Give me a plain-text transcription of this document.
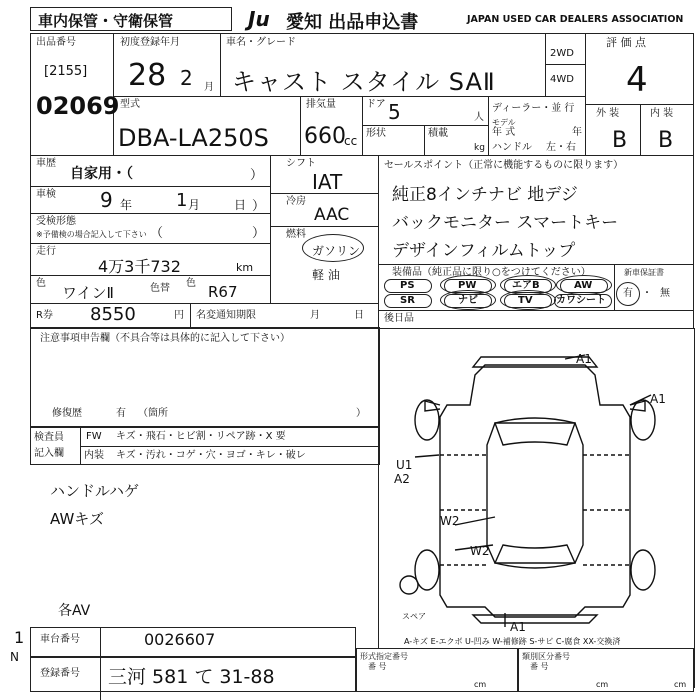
車内保管・守衛保管	Ju 愛知 出品申込書	JAPAN USED CAR DEALERS ASSOCIATION
出品番号
[2155]
02069
初度登録年月
28 2 月
車名・グレード
キャスト スタイル SAⅡ
2WD
4WD
評 価 点
4
外 装	内 装
B B
型式
DBA-LA250S
排気量
660
cc
ドア 5	人
形状	積載
kg
ディーラー・並 行
モデル
年 式	年
ハンドル 左・右
車歴
自家用・（	）
車検 9 年 1 月	日 ）
受検形態
※予備検の場合記入して下さい （	）
走行
4万3千732	km
色
ワインⅡ	色替 色 R67
シフト
IAT
冷房
AAC
燃料
ガソリン
軽 油
セールスポイント（正常に機能するものに限ります）
純正8インチナビ 地デジ
バックモニター スマートキー
デザインフィルムトップ
装備品（純正品に限り○をつけてください）
PS	PW	エアB	AW
SR	ナビ	TV カワシート
新車保証書
有 ・ 無
R券 8550	円 名変通知期限	月	日 後日品
注意事項申告欄（不具合等は具体的に記入して下さい）
修復歴	有 （箇所	）
検査員
記入欄
FW キズ・飛石・ヒビ割・リペア跡・X 要
内装 キズ・汚れ・コゲ・穴・ヨゴ・キレ・破レ
ハンドルハゲ
AWキズ
各AV
A1
A1
U1
A2
W2
W2
A1
スペア
A-キズ E-エクボ U-凹み W-補修跡 S-サビ C-腐食 XX-交換済
車台番号	0026607
N
1
登録番号 三河 581 て 31-88
形式指定番号
番 号
cm
類別区分番号
番 号
cm	cm
